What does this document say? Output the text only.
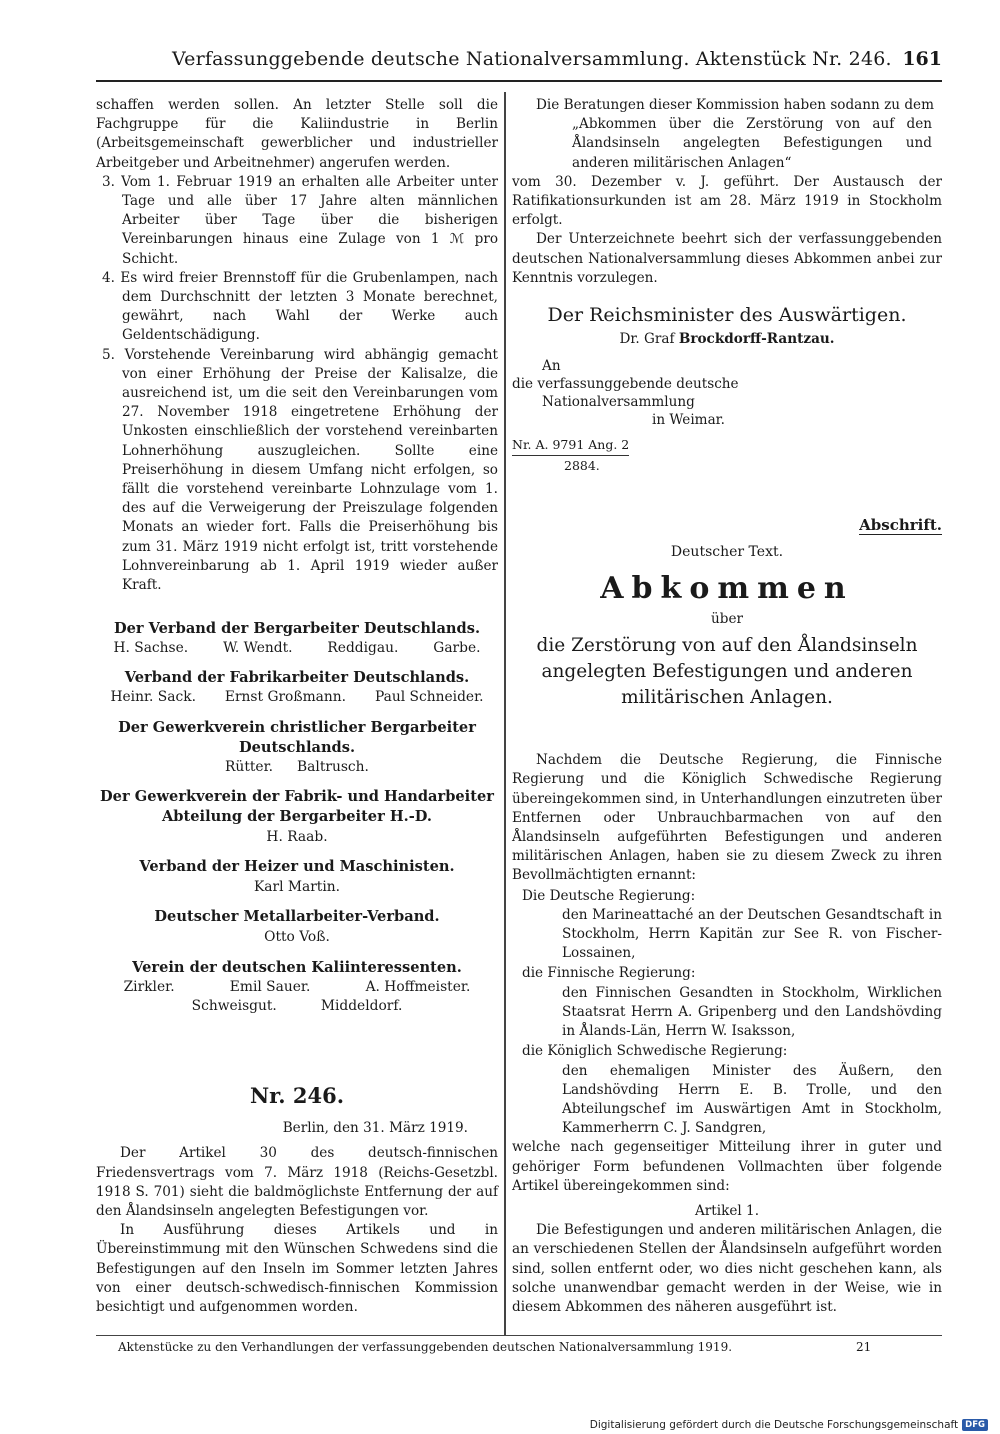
Verfassunggebende deutsche Nationalversammlung. Aktenstück Nr. 246. 161

schaffen werden sollen. An letzter Stelle soll die Fachgruppe für die Kaliindustrie in Berlin (Arbeitsgemeinschaft gewerblicher und industrieller Arbeitgeber und Arbeitnehmer) angerufen werden.

3. Vom 1. Februar 1919 an erhalten alle Arbeiter unter Tage und alle über 17 Jahre alten männlichen Arbeiter über Tage über die bisherigen Vereinbarungen hinaus eine Zulage von 1 ℳ pro Schicht.

4. Es wird freier Brennstoff für die Grubenlampen, nach dem Durchschnitt der letzten 3 Monate berechnet, gewährt, nach Wahl der Werke auch Geldentschädigung.

5. Vorstehende Vereinbarung wird abhängig gemacht von einer Erhöhung der Preise der Kalisalze, die ausreichend ist, um die seit den Vereinbarungen vom 27. November 1918 eingetretene Erhöhung der Unkosten einschließlich der vorstehend vereinbarten Lohnerhöhung auszugleichen. Sollte eine Preiserhöhung in diesem Umfang nicht erfolgen, so fällt die vorstehend vereinbarte Lohnzulage vom 1. des auf die Verweigerung der Preiszulage folgenden Monats an wieder fort. Falls die Preiserhöhung bis zum 31. März 1919 nicht erfolgt ist, tritt vorstehende Lohnvereinbarung ab 1. April 1919 wieder außer Kraft.

Der Verband der Bergarbeiter Deutschlands.
H. Sachse.	W. Wendt.	Reddigau.	Garbe.
Verband der Fabrikarbeiter Deutschlands.
Heinr. Sack. Ernst Großmann. Paul Schneider.
Der Gewerkverein christlicher Bergarbeiter Deutschlands.
Rütter. Baltrusch.
Der Gewerkverein der Fabrik- und Handarbeiter Abteilung der Bergarbeiter H.-D.
H. Raab.
Verband der Heizer und Maschinisten.
Karl Martin.
Deutscher Metallarbeiter-Verband.
Otto Voß.
Verein der deutschen Kaliinteressenten.
Zirkler.	Emil Sauer.	A. Hoffmeister.
Schweisgut.	Middeldorf.
Nr. 246.
Berlin, den 31. März 1919.

Der Artikel 30 des deutsch-finnischen Friedensvertrags vom 7. März 1918 (Reichs-Gesetzbl. 1918 S. 701) sieht die baldmöglichste Entfernung der auf den Ålandsinseln angelegten Befestigungen vor.

In Ausführung dieses Artikels und in Übereinstimmung mit den Wünschen Schwedens sind die Befestigungen auf den Inseln im Sommer letzten Jahres von einer deutsch-schwedisch-finnischen Kommission besichtigt und aufgenommen worden.

Die Beratungen dieser Kommission haben sodann zu dem

„Abkommen über die Zerstörung von auf den Ålandsinseln angelegten Befestigungen und anderen militärischen Anlagen“

vom 30. Dezember v. J. geführt. Der Austausch der Ratifikationsurkunden ist am 28. März 1919 in Stockholm erfolgt.

Der Unterzeichnete beehrt sich der verfassunggebenden deutschen Nationalversammlung dieses Abkommen anbei zur Kenntnis vorzulegen.

Der Reichsminister des Auswärtigen.
Dr. Graf Brockdorff-Rantzau.
An
die verfassunggebende deutsche
Nationalversammlung
in Weimar.
Nr. A. 9791 Ang. 2
2884.
Abschrift.
Deutscher Text.
Abkommen
über
die Zerstörung von auf den Ålandsinseln angelegten Befestigungen und anderen militärischen Anlagen.

Nachdem die Deutsche Regierung, die Finnische Regierung und die Königlich Schwedische Regierung übereingekommen sind, in Unterhandlungen einzutreten über Entfernen oder Unbrauchbarmachen von auf den Ålandsinseln aufgeführten Befestigungen und anderen militärischen Anlagen, haben sie zu diesem Zweck zu ihren Bevollmächtigten ernannt:

Die Deutsche Regierung:

den Marineattaché an der Deutschen Gesandtschaft in Stockholm, Herrn Kapitän zur See R. von Fischer-Lossainen,

die Finnische Regierung:

den Finnischen Gesandten in Stockholm, Wirklichen Staatsrat Herrn A. Gripenberg und den Landshövding in Ålands-Län, Herrn W. Isaksson,

die Königlich Schwedische Regierung:

den ehemaligen Minister des Äußern, den Landshövding Herrn E. B. Trolle, und den Abteilungschef im Auswärtigen Amt in Stockholm, Kammerherrn C. J. Sandgren,

welche nach gegenseitiger Mitteilung ihrer in guter und gehöriger Form befundenen Vollmachten über folgende Artikel übereingekommen sind:

Artikel 1.

Die Befestigungen und anderen militärischen Anlagen, die an verschiedenen Stellen der Ålandsinseln aufgeführt worden sind, sollen entfernt oder, wo dies nicht geschehen kann, als solche unanwendbar gemacht werden in der Weise, wie in diesem Abkommen des näheren ausgeführt ist.

Aktenstücke zu den Verhandlungen der verfassunggebenden deutschen Nationalversammlung 1919.	21
Digitalisierung gefördert durch die Deutsche Forschungsgemeinschaft DFG
